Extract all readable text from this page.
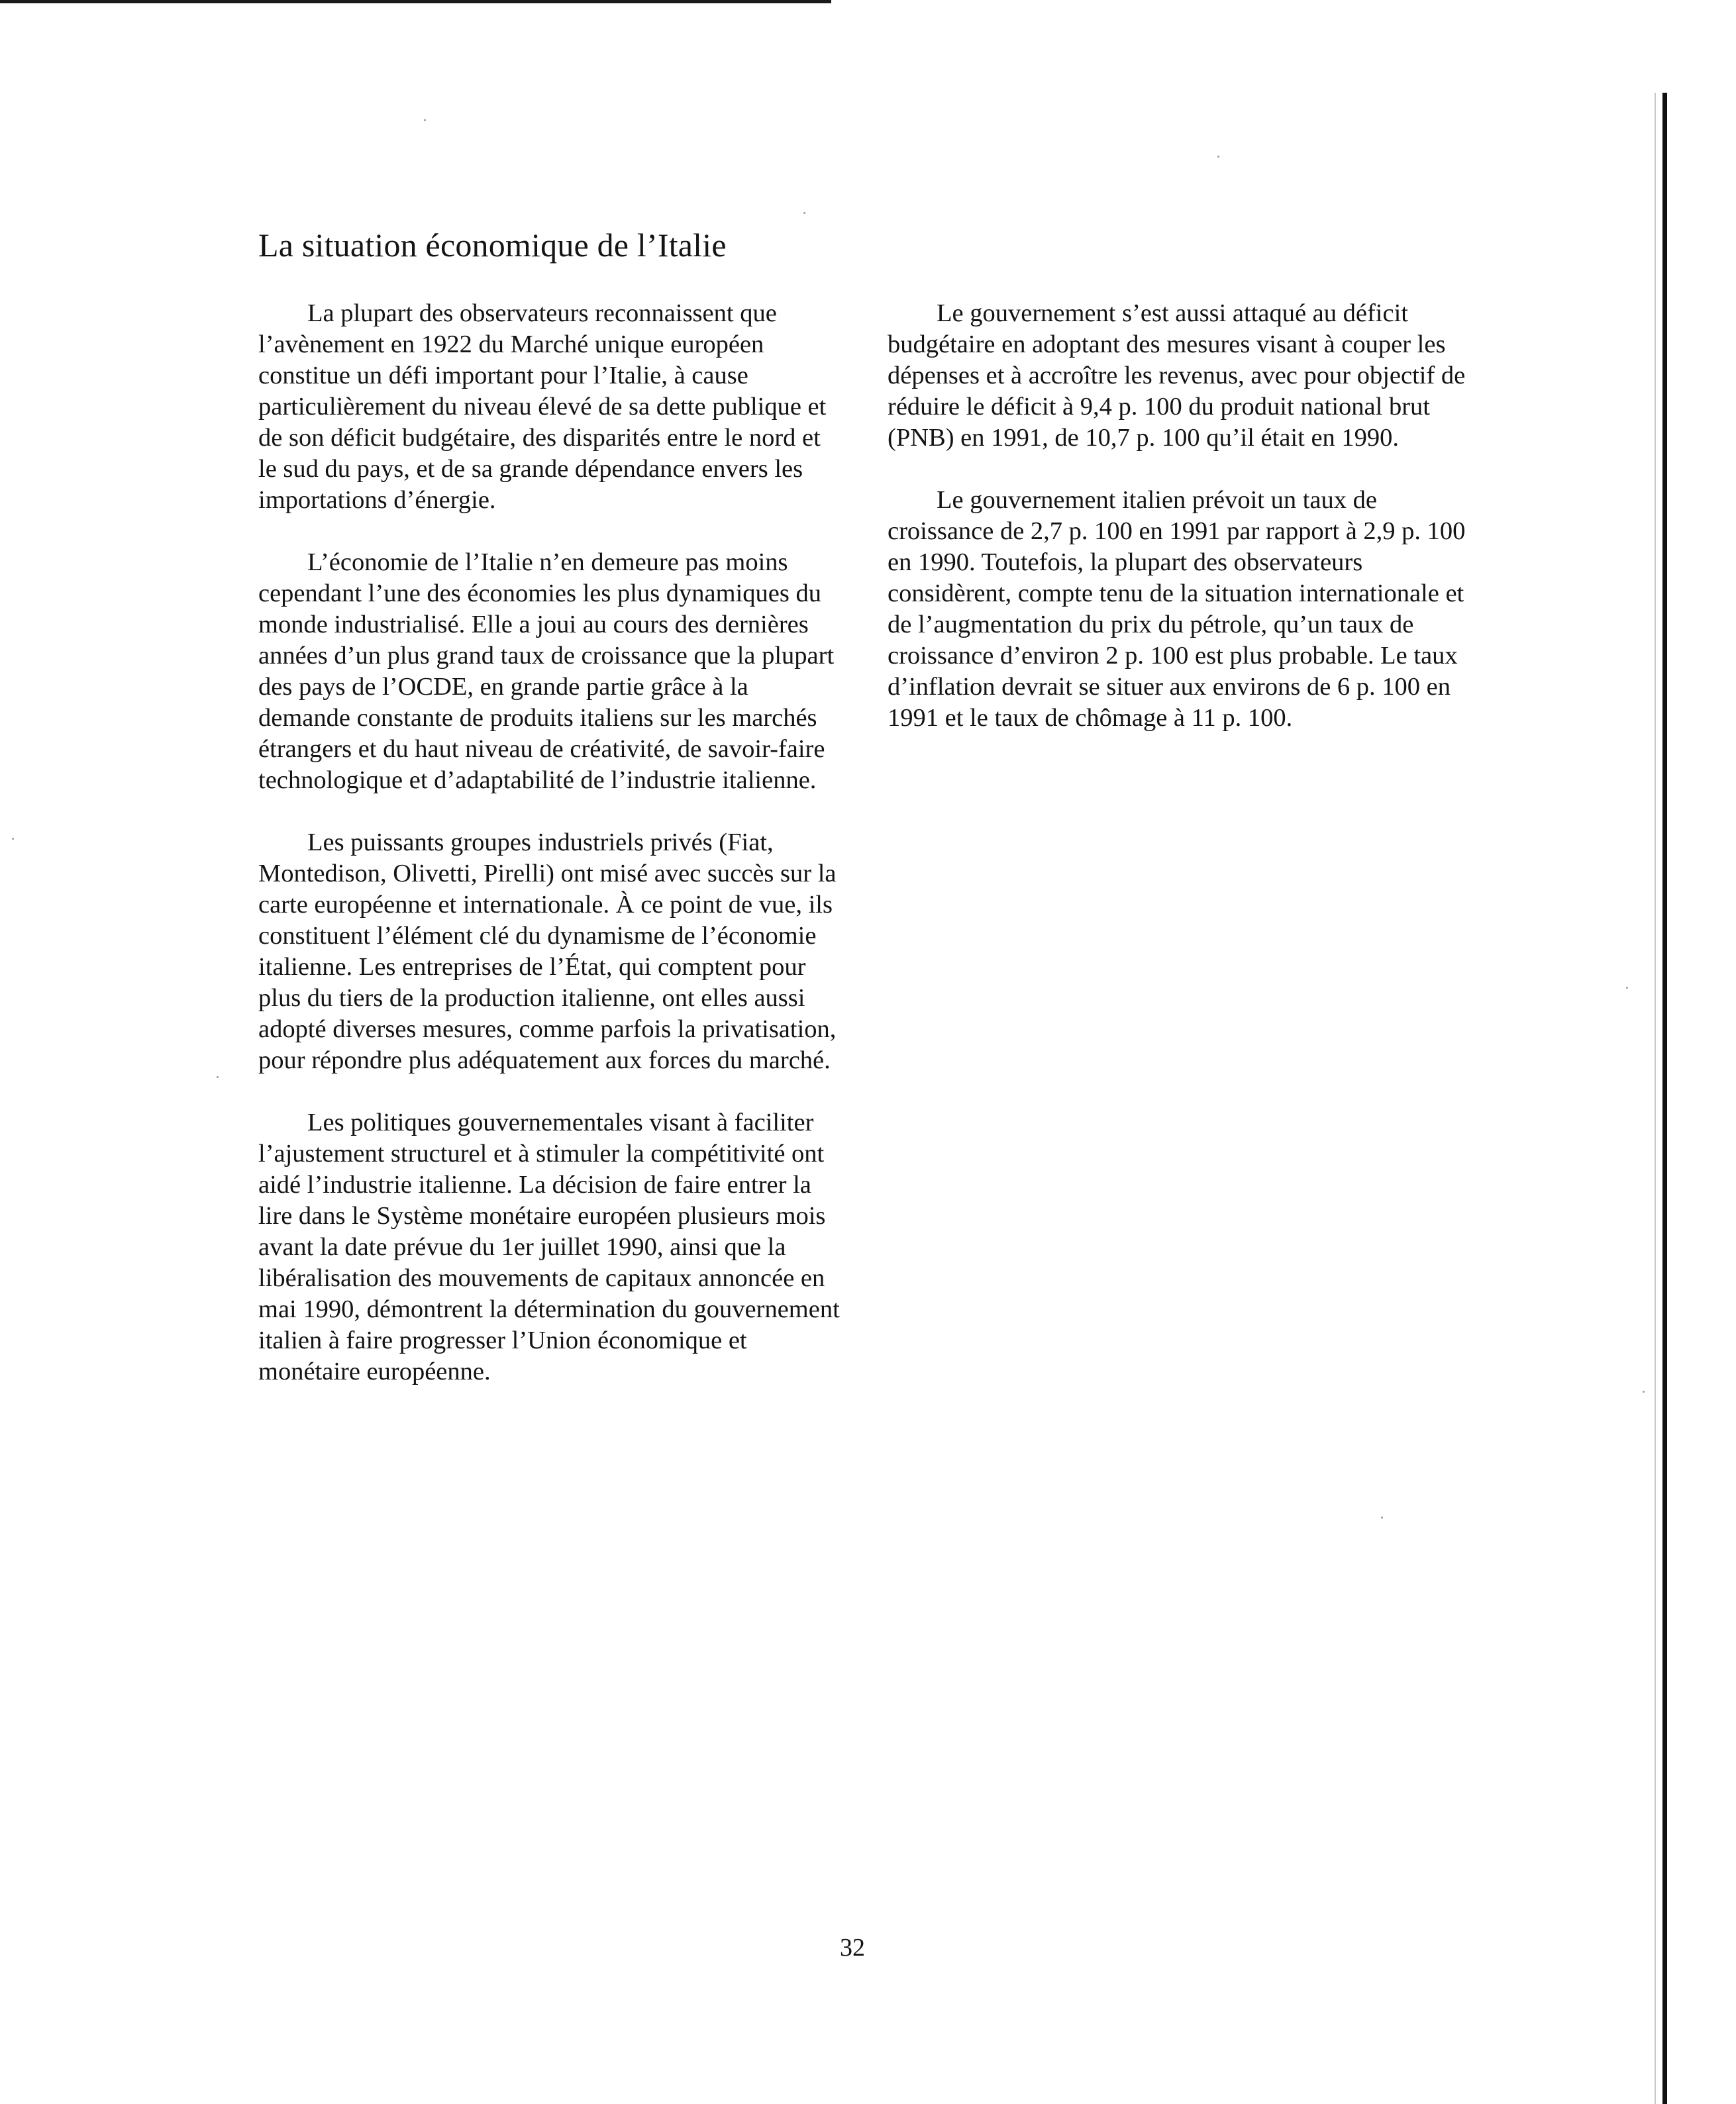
La situation économique de l’Italie

La plupart des observateurs reconnaissent que l’avènement en 1922 du Marché unique européen constitue un défi important pour l’Italie, à cause particulièrement du niveau élevé de sa dette publique et de son déficit budgétaire, des disparités entre le nord et le sud du pays, et de sa grande dépendance envers les importations d’énergie.

L’économie de l’Italie n’en demeure pas moins cependant l’une des économies les plus dynamiques du monde industrialisé. Elle a joui au cours des dernières années d’un plus grand taux de croissance que la plupart des pays de l’OCDE, en grande partie grâce à la demande constante de produits italiens sur les marchés étrangers et du haut niveau de créativité, de savoir-faire technologique et d’adaptabilité de l’industrie italienne.

Les puissants groupes industriels privés (Fiat, Montedison, Olivetti, Pirelli) ont misé avec succès sur la carte européenne et internationale. À ce point de vue, ils constituent l’élément clé du dynamisme de l’économie italienne. Les entreprises de l’État, qui comptent pour plus du tiers de la production italienne, ont elles aussi adopté diverses mesures, comme parfois la privatisation, pour répondre plus adéquatement aux forces du marché.

Les politiques gouvernementales visant à faciliter l’ajustement structurel et à stimuler la compétitivité ont aidé l’industrie italienne. La décision de faire entrer la lire dans le Système monétaire européen plusieurs mois avant la date prévue du 1er juillet 1990, ainsi que la libéralisation des mouvements de capitaux annoncée en mai 1990, démontrent la détermination du gouvernement italien à faire progresser l’Union économique et monétaire européenne.

Le gouvernement s’est aussi attaqué au déficit budgétaire en adoptant des mesures visant à couper les dépenses et à accroître les revenus, avec pour objectif de réduire le déficit à 9,4 p. 100 du produit national brut (PNB) en 1991, de 10,7 p. 100 qu’il était en 1990.

Le gouvernement italien prévoit un taux de croissance de 2,7 p. 100 en 1991 par rapport à 2,9 p. 100 en 1990. Toutefois, la plupart des observateurs considèrent, compte tenu de la situation internationale et de l’augmentation du prix du pétrole, qu’un taux de croissance d’environ 2 p. 100 est plus probable. Le taux d’inflation devrait se situer aux environs de 6 p. 100 en 1991 et le taux de chômage à 11 p. 100.

32
